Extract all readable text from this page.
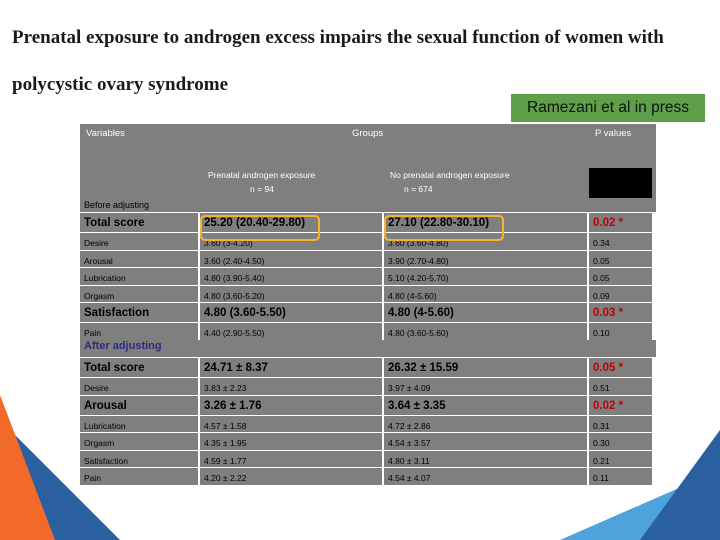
Prenatal exposure to androgen excess impairs the sexual function of women with polycystic ovary syndrome
Ramezani et al in press
Variables	Groups	P values
Prenatal androgen exposure
n = 94
No prenatal androgen exposure
n = 674
Before adjusting
Total score	25.20 (20.40-29.80)	27.10 (22.80-30.10)	0.02 *
Desire	3.60 (3-4.20)	3.60 (3.60-4.80)	0.34
Arousal	3.60 (2.40-4.50)	3.90 (2.70-4.80)	0.05
Lubrication	4.80 (3.90-5.40)	5.10 (4.20-5.70)	0.05
Orgasm	4.80 (3.60-5.20)	4.80 (4-5.60)	0.09
Satisfaction	4.80 (3.60-5.50)	4.80 (4-5.60)	0.03 *
Pain	4.40 (2.90-5.50)	4.80 (3.60-5.60)	0.10
After adjusting
Total score	24.71 ± 8.37	26.32 ± 15.59	0.05 *
Desire	3.83 ± 2.23	3.97 ± 4.09	0.51
Arousal	3.26 ± 1.76	3.64 ± 3.35	0.02 *
Lubrication	4.57 ± 1.58	4.72 ± 2.86	0.31
Orgasm	4.35 ± 1.95	4.54 ± 3.57	0.30
Satisfaction	4.59 ± 1.77	4.80 ± 3.11	0.21
Pain	4.20 ± 2.22	4.54 ± 4.07	0.11
